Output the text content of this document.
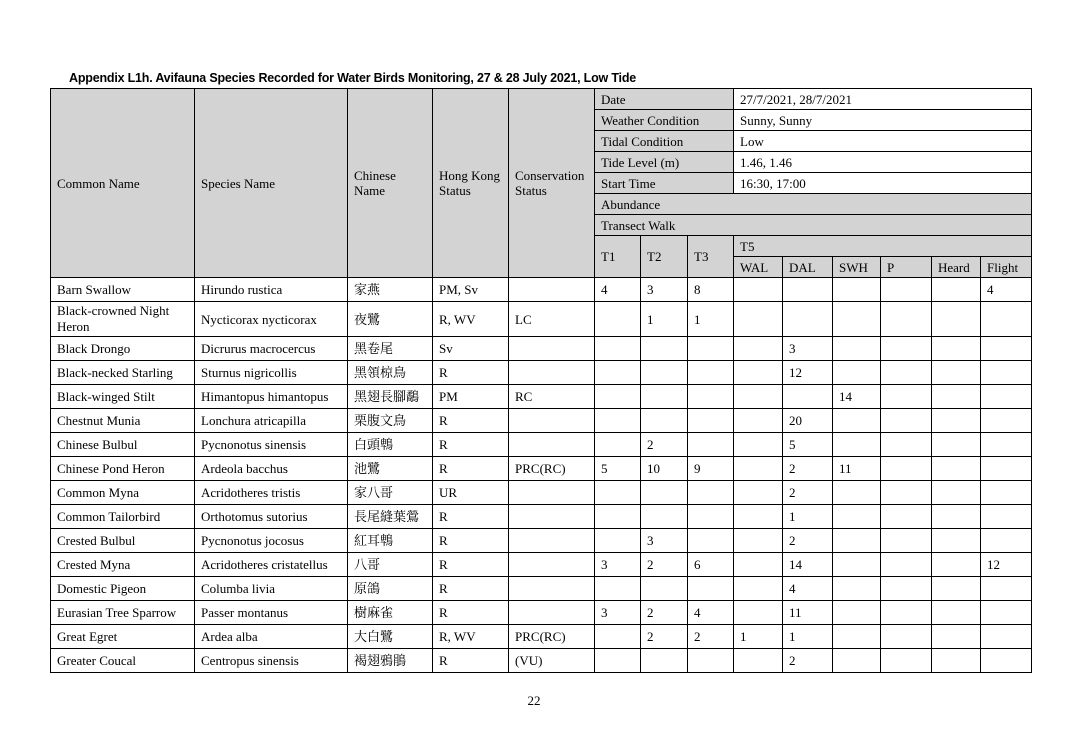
Appendix L1h. Avifauna Species Recorded for Water Birds Monitoring, 27 & 28 July 2021, Low Tide

Common Name	Species Name	Chinese Name	Hong Kong Status	Conservation Status	Date			27/7/2021, 28/7/2021					
					Weather Condition			Sunny, Sunny					
					Tidal Condition			Low					
					Tide Level (m)			1.46, 1.46					
					Start Time			16:30, 17:00					
					Abundance								
					Transect Walk								
					T1	T2	T3	T5					
								WAL	DAL	SWH	P	Heard	Flight
Barn Swallow	Hirundo rustica	家燕	PM, Sv		4	3	8						4
Black-crowned Night Heron	Nycticorax nycticorax	夜鷺	R, WV	LC		1	1						
Black Drongo	Dicrurus macrocercus	黑卷尾	Sv						3				
Black-necked Starling	Sturnus nigricollis	黑領椋鳥	R						12				
Black-winged Stilt	Himantopus himantopus	黑翅長腳鷸	PM	RC						14			
Chestnut Munia	Lonchura atricapilla	栗腹文鳥	R						20				
Chinese Bulbul	Pycnonotus sinensis	白頭鵯	R			2			5				
Chinese Pond Heron	Ardeola bacchus	池鷺	R	PRC(RC)	5	10	9		2	11			
Common Myna	Acridotheres tristis	家八哥	UR						2				
Common Tailorbird	Orthotomus sutorius	長尾縫葉鶯	R						1				
Crested Bulbul	Pycnonotus jocosus	紅耳鵯	R			3			2				
Crested Myna	Acridotheres cristatellus	八哥	R		3	2	6		14				12
Domestic Pigeon	Columba livia	原鴿	R						4				
Eurasian Tree Sparrow	Passer montanus	樹麻雀	R		3	2	4		11				
Great Egret	Ardea alba	大白鷺	R, WV	PRC(RC)		2	2	1	1				
Greater Coucal	Centropus sinensis	褐翅鴉鵑	R	(VU)					2				
22
